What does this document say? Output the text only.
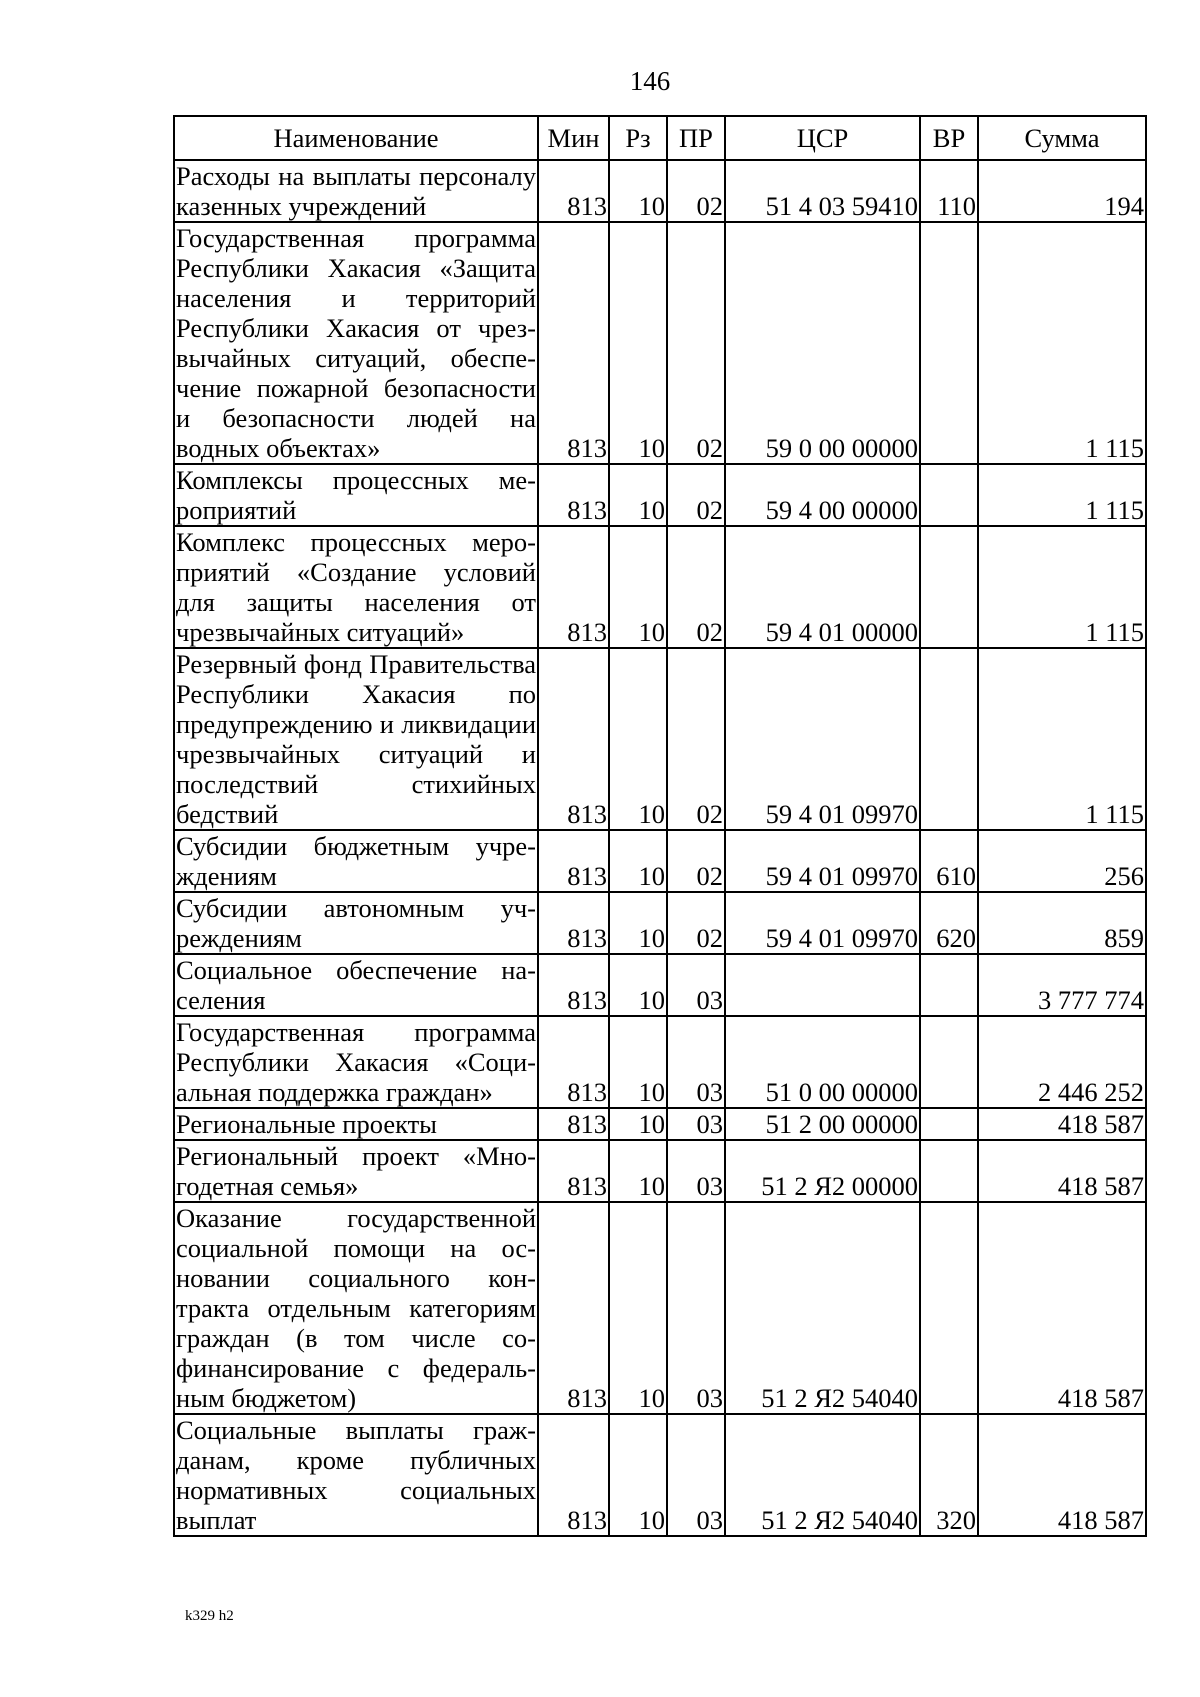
146
Наименование	Мин	Рз	ПР	ЦСР	ВР	Сумма
Расходы на выплаты персоналу казенных учреждений	813	10	02	51 4 03 59410	110	194
Государственная программа Республики Хакасия «Защита населения и территорий Республики Хакасия от чрезвычайных ситуаций, обеспечение пожарной безопасности и безопасности людей на водных объектах»	813	10	02	59 0 00 00000		1 115
Комплексы процессных мероприятий	813	10	02	59 4 00 00000		1 115
Комплекс процессных мероприятий «Создание условий для защиты населения от чрезвычайных ситуаций»	813	10	02	59 4 01 00000		1 115
Резервный фонд Правительства Республики Хакасия по предупреждению и ликвидации чрезвычайных ситуаций и последствий стихийных бедствий	813	10	02	59 4 01 09970		1 115
Субсидии бюджетным учреждениям	813	10	02	59 4 01 09970	610	256
Субсидии автономным учреждениям	813	10	02	59 4 01 09970	620	859
Социальное обеспечение населения	813	10	03			3 777 774
Государственная программа Республики Хакасия «Социальная поддержка граждан»	813	10	03	51 0 00 00000		2 446 252
Региональные проекты	813	10	03	51 2 00 00000		418 587
Региональный проект «Многодетная семья»	813	10	03	51 2 Я2 00000		418 587
Оказание государственной социальной помощи на основании социального контракта отдельным категориям граждан (в том числе софинансирование с федеральным бюджетом)	813	10	03	51 2 Я2 54040		418 587
Социальные выплаты гражданам, кроме публичных нормативных социальных выплат	813	10	03	51 2 Я2 54040	320	418 587
k329 h2
